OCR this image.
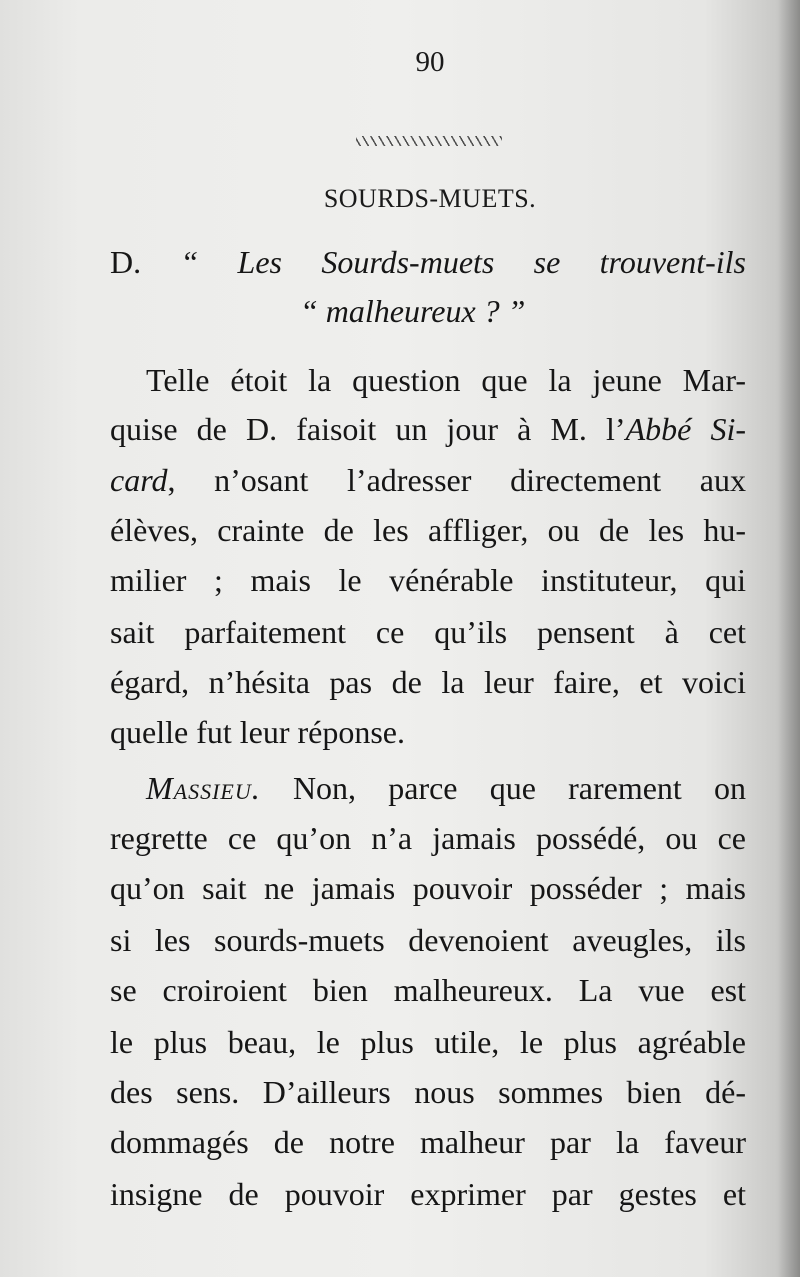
90
SOURDS-MUETS.
D. “ Les Sourds-muets se trouvent-ils
“ malheureux ? ”
Telle étoit la question que la jeune Mar-
quise de D. faisoit un jour à M. l’Abbé Si-
card, n’osant l’adresser directement aux
élèves, crainte de les affliger, ou de les hu-
milier ; mais le vénérable instituteur, qui
sait parfaitement ce qu’ils pensent à cet
égard, n’hésita pas de la leur faire, et voici
quelle fut leur réponse.
Massieu. Non, parce que rarement on
regrette ce qu’on n’a jamais possédé, ou ce
qu’on sait ne jamais pouvoir posséder ; mais
si les sourds-muets devenoient aveugles, ils
se croiroient bien malheureux. La vue est
le plus beau, le plus utile, le plus agréable
des sens. D’ailleurs nous sommes bien dé-
dommagés de notre malheur par la faveur
insigne de pouvoir exprimer par gestes et
